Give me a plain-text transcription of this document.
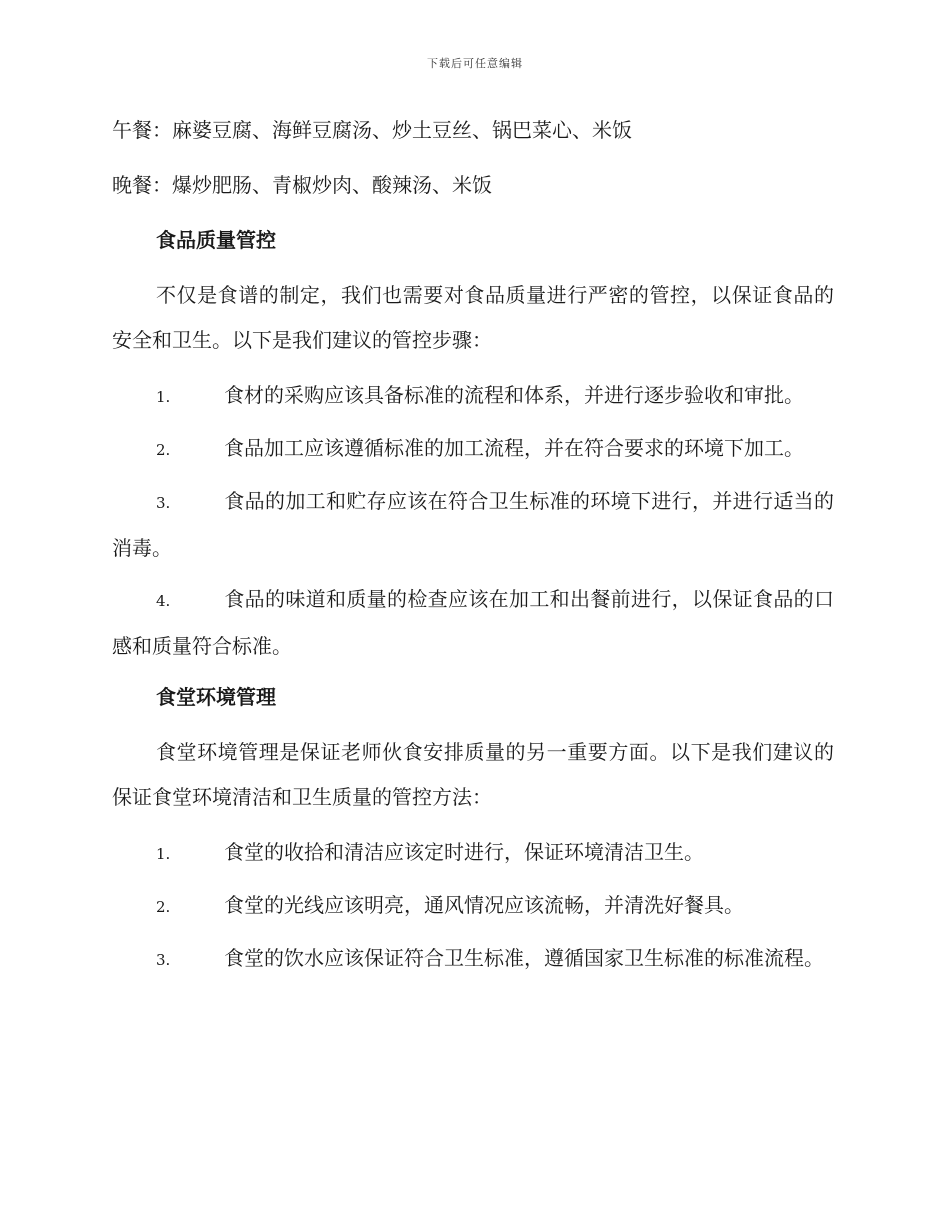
下载后可任意编辑

午餐：麻婆豆腐、海鲜豆腐汤、炒土豆丝、锅巴菜心、米饭

晚餐：爆炒肥肠、青椒炒肉、酸辣汤、米饭

食品质量管控

不仅是食谱的制定，我们也需要对食品质量进行严密的管控，以保证食品的安全和卫生。以下是我们建议的管控步骤：

1.	食材的采购应该具备标准的流程和体系，并进行逐步验收和审批。

2.	食品加工应该遵循标准的加工流程，并在符合要求的环境下加工。

3.	食品的加工和贮存应该在符合卫生标准的环境下进行，并进行适当的消毒。

4.	食品的味道和质量的检查应该在加工和出餐前进行，以保证食品的口感和质量符合标准。

食堂环境管理

食堂环境管理是保证老师伙食安排质量的另一重要方面。以下是我们建议的保证食堂环境清洁和卫生质量的管控方法：

1.	食堂的收拾和清洁应该定时进行，保证环境清洁卫生。

2.	食堂的光线应该明亮，通风情况应该流畅，并清洗好餐具。

3.	食堂的饮水应该保证符合卫生标准，遵循国家卫生标准的标准流程。
